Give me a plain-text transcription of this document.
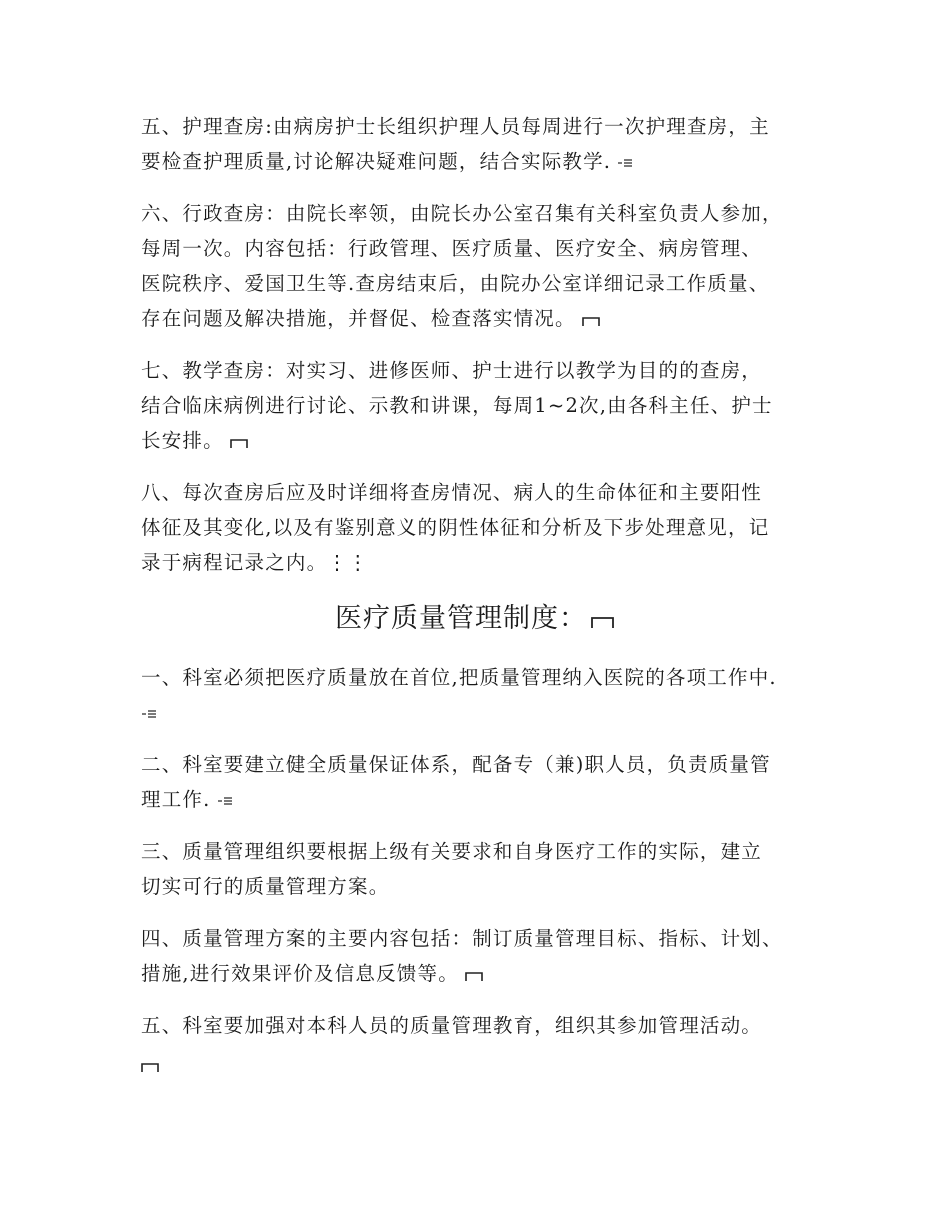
五、护理查房:由病房护士长组织护理人员每周进行一次护理查房，主
要检查护理质量,讨论解决疑难问题，结合实际教学.
六、行政查房：由院长率领，由院长办公室召集有关科室负责人参加，
每周一次。内容包括：行政管理、医疗质量、医疗安全、病房管理、
医院秩序、爱国卫生等.查房结束后，由院办公室详细记录工作质量、
存在问题及解决措施，并督促、检查落实情况。
七、教学查房：对实习、进修医师、护士进行以教学为目的的查房，
结合临床病例进行讨论、示教和讲课，每周1~2次,由各科主任、护士
长安排。
八、每次查房后应及时详细将查房情况、病人的生命体征和主要阳性
体征及其变化,以及有鉴别意义的阴性体征和分析及下步处理意见，记
录于病程记录之内。⋮⋮
医疗质量管理制度：
一、科室必须把医疗质量放在首位,把质量管理纳入医院的各项工作中.
二、科室要建立健全质量保证体系，配备专（兼)职人员，负责质量管
理工作.
三、质量管理组织要根据上级有关要求和自身医疗工作的实际，建立
切实可行的质量管理方案。
四、质量管理方案的主要内容包括：制订质量管理目标、指标、计划、
措施,进行效果评价及信息反馈等。
五、科室要加强对本科人员的质量管理教育，组织其参加管理活动。
